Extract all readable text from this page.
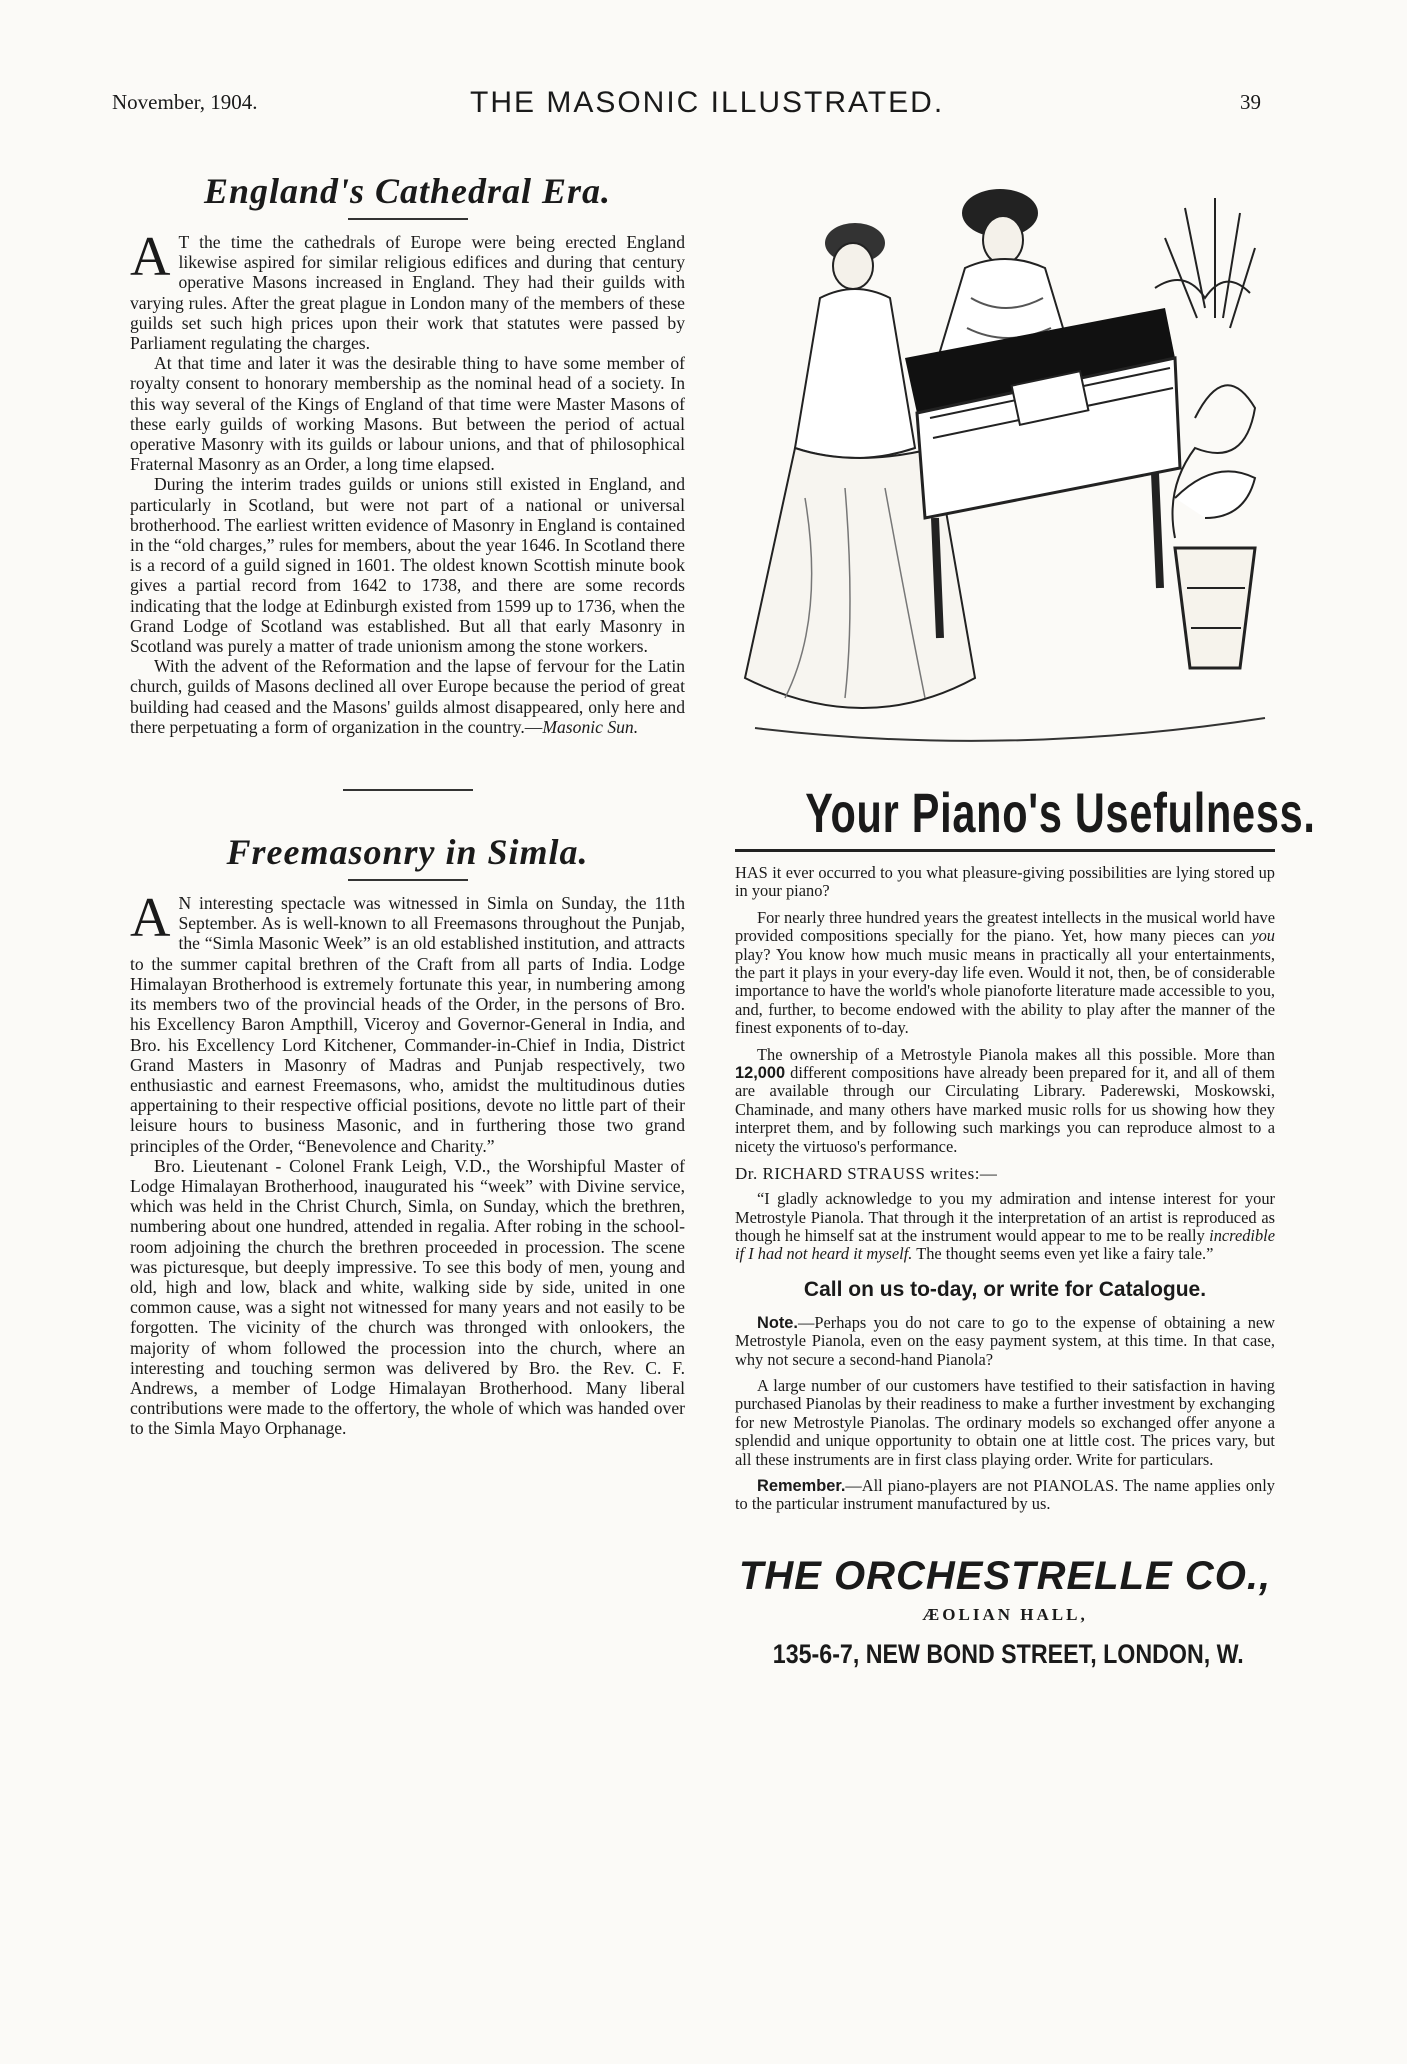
November, 1904.	THE MASONIC ILLUSTRATED.	39
England's Cathedral Era.

AT the time the cathedrals of Europe were being erected England likewise aspired for similar religious edifices and during that century operative Masons increased in England. They had their guilds with varying rules. After the great plague in London many of the members of these guilds set such high prices upon their work that statutes were passed by Parliament regulating the charges.

At that time and later it was the desirable thing to have some member of royalty consent to honorary membership as the nominal head of a society. In this way several of the Kings of England of that time were Master Masons of these early guilds of working Masons. But between the period of actual operative Masonry with its guilds or labour unions, and that of philosophical Fraternal Masonry as an Order, a long time elapsed.

During the interim trades guilds or unions still existed in England, and particularly in Scotland, but were not part of a national or universal brotherhood. The earliest written evidence of Masonry in England is contained in the “old charges,” rules for members, about the year 1646. In Scotland there is a record of a guild signed in 1601. The oldest known Scottish minute book gives a partial record from 1642 to 1738, and there are some records indicating that the lodge at Edinburgh existed from 1599 up to 1736, when the Grand Lodge of Scotland was established. But all that early Masonry in Scotland was purely a matter of trade unionism among the stone workers.

With the advent of the Reformation and the lapse of fervour for the Latin church, guilds of Masons declined all over Europe because the period of great building had ceased and the Masons' guilds almost disappeared, only here and there perpetuating a form of organization in the country.—Masonic Sun.

Freemasonry in Simla.

AN interesting spectacle was witnessed in Simla on Sunday, the 11th September. As is well-known to all Freemasons throughout the Punjab, the “Simla Masonic Week” is an old established institution, and attracts to the summer capital brethren of the Craft from all parts of India. Lodge Himalayan Brotherhood is extremely fortunate this year, in numbering among its members two of the provincial heads of the Order, in the persons of Bro. his Excellency Baron Ampthill, Viceroy and Governor-General in India, and Bro. his Excellency Lord Kitchener, Commander-in-Chief in India, District Grand Masters in Masonry of Madras and Punjab respectively, two enthusiastic and earnest Freemasons, who, amidst the multitudinous duties appertaining to their respective official positions, devote no little part of their leisure hours to business Masonic, and in furthering those two grand principles of the Order, “Benevolence and Charity.”

Bro. Lieutenant - Colonel Frank Leigh, V.D., the Worshipful Master of Lodge Himalayan Brotherhood, inaugurated his “week” with Divine service, which was held in the Christ Church, Simla, on Sunday, which the brethren, numbering about one hundred, attended in regalia. After robing in the school-room adjoining the church the brethren proceeded in procession. The scene was picturesque, but deeply impressive. To see this body of men, young and old, high and low, black and white, walking side by side, united in one common cause, was a sight not witnessed for many years and not easily to be forgotten. The vicinity of the church was thronged with onlookers, the majority of whom followed the procession into the church, where an interesting and touching sermon was delivered by Bro. the Rev. C. F. Andrews, a member of Lodge Himalayan Brotherhood. Many liberal contributions were made to the offertory, the whole of which was handed over to the Simla Mayo Orphanage.

Your Piano's Usefulness.

HAS it ever occurred to you what pleasure-giving possibilities are lying stored up in your piano?

For nearly three hundred years the greatest intellects in the musical world have provided compositions specially for the piano. Yet, how many pieces can you play? You know how much music means in practically all your entertainments, the part it plays in your every-day life even. Would it not, then, be of considerable importance to have the world's whole pianoforte literature made accessible to you, and, further, to become endowed with the ability to play after the manner of the finest exponents of to-day.

The ownership of a Metrostyle Pianola makes all this possible. More than 12,000 different compositions have already been prepared for it, and all of them are available through our Circulating Library. Paderewski, Moskowski, Chaminade, and many others have marked music rolls for us showing how they interpret them, and by following such markings you can reproduce almost to a nicety the virtuoso's performance.

Dr. RICHARD STRAUSS writes:—

“I gladly acknowledge to you my admiration and intense interest for your Metrostyle Pianola. That through it the interpretation of an artist is reproduced as though he himself sat at the instrument would appear to me to be really incredible if I had not heard it myself. The thought seems even yet like a fairy tale.”

Call on us to-day, or write for Catalogue.

Note.—Perhaps you do not care to go to the expense of obtaining a new Metrostyle Pianola, even on the easy payment system, at this time. In that case, why not secure a second-hand Pianola?

A large number of our customers have testified to their satisfaction in having purchased Pianolas by their readiness to make a further investment by exchanging for new Metrostyle Pianolas. The ordinary models so exchanged offer anyone a splendid and unique opportunity to obtain one at little cost. The prices vary, but all these instruments are in first class playing order. Write for particulars.

Remember.—All piano-players are not PIANOLAS. The name applies only to the particular instrument manufactured by us.

THE ORCHESTRELLE CO.,
ÆOLIAN HALL,
135-6-7, NEW BOND STREET, LONDON, W.
